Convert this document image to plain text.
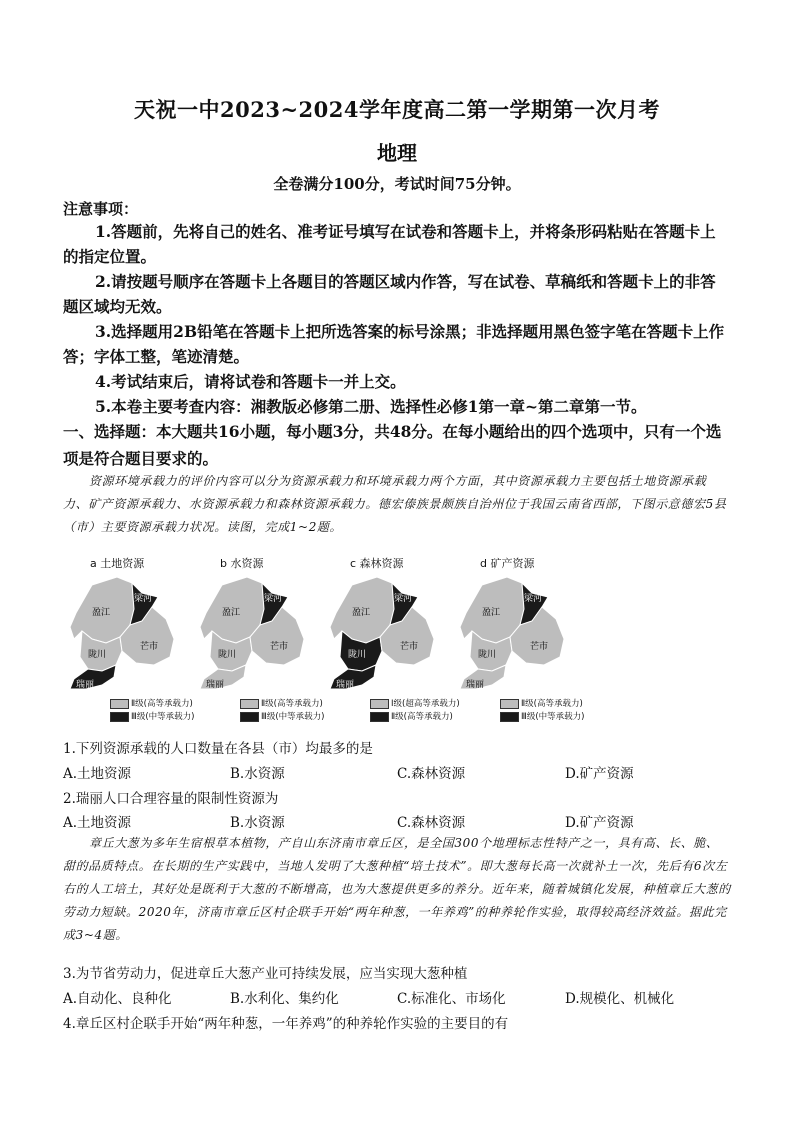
天祝一中2023~2024学年度高二第一学期第一次月考
地理
全卷满分100分，考试时间75分钟。
注意事项：
1.答题前，先将自己的姓名、准考证号填写在试卷和答题卡上，并将条形码粘贴在答题卡上的指定位置。
2.请按题号顺序在答题卡上各题目的答题区域内作答，写在试卷、草稿纸和答题卡上的非答题区域均无效。
3.选择题用2B铅笔在答题卡上把所选答案的标号涂黑；非选择题用黑色签字笔在答题卡上作答；字体工整，笔迹清楚。
4.考试结束后，请将试卷和答题卡一并上交。
5.本卷主要考查内容：湘教版必修第二册、选择性必修1第一章~第二章第一节。
一、选择题：本大题共16小题，每小题3分，共48分。在每小题给出的四个选项中，只有一个选项是符合题目要求的。
资源环境承载力的评价内容可以分为资源承载力和环境承载力两个方面，其中资源承载力主要包括土地资源承载力、矿产资源承载力、水资源承载力和森林资源承载力。德宏傣族景颇族自治州位于我国云南省西部，下图示意德宏5县（市）主要资源承载力状况。读图，完成1~2题。
a 土地资源
盈江
梁河
陇川
芒市
瑞丽
Ⅱ级(高等承载力)
Ⅲ级(中等承载力)
b 水资源
盈江
梁河
陇川
芒市
瑞丽
Ⅱ级(高等承载力)
Ⅲ级(中等承载力)
c 森林资源
盈江
梁河
陇川
芒市
瑞丽
Ⅰ级(超高等承载力)
Ⅱ级(高等承载力)
d 矿产资源
盈江
梁河
陇川
芒市
瑞丽
Ⅱ级(高等承载力)
Ⅲ级(中等承载力)
1.下列资源承载的人口数量在各县（市）均最多的是
A.土地资源	B.水资源	C.森林资源	D.矿产资源
2.瑞丽人口合理容量的限制性资源为
A.土地资源	B.水资源	C.森林资源	D.矿产资源
章丘大葱为多年生宿根草本植物，产自山东济南市章丘区，是全国300个地理标志性特产之一，具有高、长、脆、甜的品质特点。在长期的生产实践中，当地人发明了大葱种植“培土技术”。即大葱每长高一次就补土一次，先后有6次左右的人工培土，其好处是既利于大葱的不断增高，也为大葱提供更多的养分。近年来，随着城镇化发展，种植章丘大葱的劳动力短缺。2020年，济南市章丘区村企联手开始“两年种葱，一年养鸡”的种养轮作实验，取得较高经济效益。据此完成3~4题。
3.为节省劳动力，促进章丘大葱产业可持续发展，应当实现大葱种植
A.自动化、良种化	B.水利化、集约化	C.标准化、市场化	D.规模化、机械化
4.章丘区村企联手开始“两年种葱，一年养鸡”的种养轮作实验的主要目的有
